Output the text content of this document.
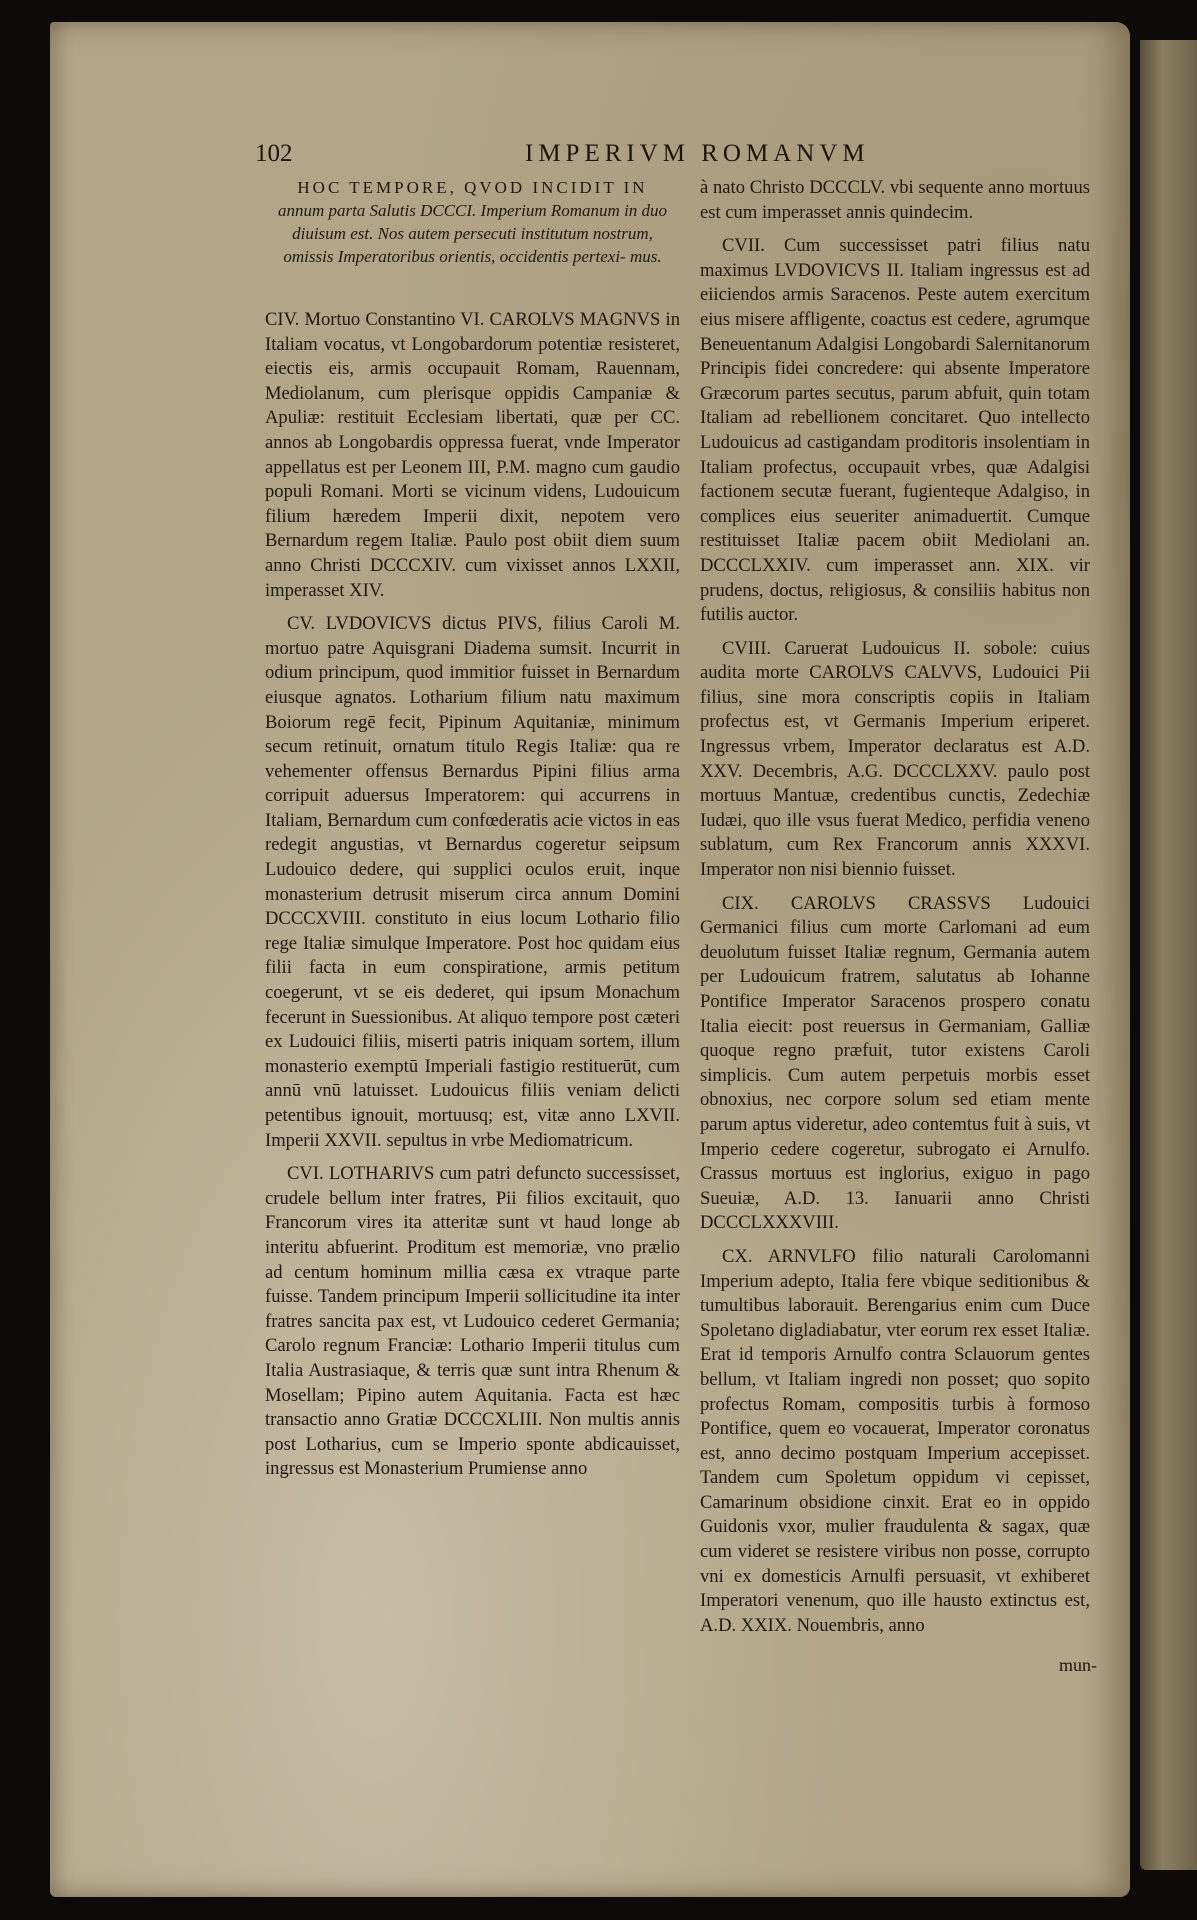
102	IMPERIVM ROMANVM
HOC TEMPORE, QVOD INCIDIT IN
annum parta Salutis DCCCI. Imperium Romanum in duo diuisum est. Nos autem persecuti institutum nostrum, omissis Imperatoribus orientis, occidentis pertexi- mus.

CIV. Mortuo Constantino VI. CAROLVS MAGNVS in Italiam vocatus, vt Longobardorum potentiæ resisteret, eiectis eis, armis occupauit Romam, Rauennam, Mediolanum, cum plerisque oppidis Campaniæ & Apuliæ: restituit Ecclesiam libertati, quæ per CC. annos ab Longobardis oppressa fuerat, vnde Imperator appellatus est per Leonem III, P.M. magno cum gaudio populi Romani. Morti se vicinum videns, Ludouicum filium hæredem Imperii dixit, nepotem vero Bernardum regem Italiæ. Paulo post obiit diem suum anno Christi DCCCXIV. cum vixisset annos LXXII, imperasset XIV.

CV. LVDOVICVS dictus PIVS, filius Caroli M. mortuo patre Aquisgrani Diadema sumsit. Incurrit in odium principum, quod immitior fuisset in Bernardum eiusque agnatos. Lotharium filium natu maximum Boiorum regē fecit, Pipinum Aquitaniæ, minimum secum retinuit, ornatum titulo Regis Italiæ: qua re vehementer offensus Bernardus Pipini filius arma corripuit aduersus Imperatorem: qui accurrens in Italiam, Bernardum cum confœderatis acie victos in eas redegit angustias, vt Bernardus cogeretur seipsum Ludouico dedere, qui supplici oculos eruit, inque monasterium detrusit miserum circa annum Domini DCCCXVIII. constituto in eius locum Lothario filio rege Italiæ simulque Imperatore. Post hoc quidam eius filii facta in eum conspiratione, armis petitum coegerunt, vt se eis dederet, qui ipsum Monachum fecerunt in Suessionibus. At aliquo tempore post cæteri ex Ludouici filiis, miserti patris iniquam sortem, illum monasterio exemptū Imperiali fastigio restituerūt, cum annū vnū latuisset. Ludouicus filiis veniam delicti petentibus ignouit, mortuusq; est, vitæ anno LXVII. Imperii XXVII. sepultus in vrbe Mediomatricum.

CVI. LOTHARIVS cum patri defuncto successisset, crudele bellum inter fratres, Pii filios excitauit, quo Francorum vires ita atteritæ sunt vt haud longe ab interitu abfuerint. Proditum est memoriæ, vno prælio ad centum hominum millia cæsa ex vtraque parte fuisse. Tandem principum Imperii sollicitudine ita inter fratres sancita pax est, vt Ludouico cederet Germania; Carolo regnum Franciæ: Lothario Imperii titulus cum Italia Austrasiaque, & terris quæ sunt intra Rhenum & Mosellam; Pipino autem Aquitania. Facta est hæc transactio anno Gratiæ DCCCXLIII. Non multis annis post Lotharius, cum se Imperio sponte abdicauisset, ingressus est Monasterium Prumiense anno

à nato Christo DCCCLV. vbi sequente anno mortuus est cum imperasset annis quindecim.

CVII. Cum successisset patri filius natu maximus LVDOVICVS II. Italiam ingressus est ad eiiciendos armis Saracenos. Peste autem exercitum eius misere affligente, coactus est cedere, agrumque Beneuentanum Adalgisi Longobardi Salernitanorum Principis fidei concredere: qui absente Imperatore Græcorum partes secutus, parum abfuit, quin totam Italiam ad rebellionem concitaret. Quo intellecto Ludouicus ad castigandam proditoris insolentiam in Italiam profectus, occupauit vrbes, quæ Adalgisi factionem secutæ fuerant, fugienteque Adalgiso, in complices eius seueriter animaduertit. Cumque restituisset Italiæ pacem obiit Mediolani an. DCCCLXXIV. cum imperasset ann. XIX. vir prudens, doctus, religiosus, & consiliis habitus non futilis auctor.

CVIII. Caruerat Ludouicus II. sobole: cuius audita morte CAROLVS CALVVS, Ludouici Pii filius, sine mora conscriptis copiis in Italiam profectus est, vt Germanis Imperium eriperet. Ingressus vrbem, Imperator declaratus est A.D. XXV. Decembris, A.G. DCCCLXXV. paulo post mortuus Mantuæ, credentibus cunctis, Zedechiæ Iudæi, quo ille vsus fuerat Medico, perfidia veneno sublatum, cum Rex Francorum annis XXXVI. Imperator non nisi biennio fuisset.

CIX. CAROLVS CRASSVS Ludouici Germanici filius cum morte Carlomani ad eum deuolutum fuisset Italiæ regnum, Germania autem per Ludouicum fratrem, salutatus ab Iohanne Pontifice Imperator Saracenos prospero conatu Italia eiecit: post reuersus in Germaniam, Galliæ quoque regno præfuit, tutor existens Caroli simplicis. Cum autem perpetuis morbis esset obnoxius, nec corpore solum sed etiam mente parum aptus videretur, adeo contemtus fuit à suis, vt Imperio cedere cogeretur, subrogato ei Arnulfo. Crassus mortuus est inglorius, exiguo in pago Sueuiæ, A.D. 13. Ianuarii anno Christi DCCCLXXXVIII.

CX. ARNVLFO filio naturali Carolomanni Imperium adepto, Italia fere vbique seditionibus & tumultibus laborauit. Berengarius enim cum Duce Spoletano digladiabatur, vter eorum rex esset Italiæ. Erat id temporis Arnulfo contra Sclauorum gentes bellum, vt Italiam ingredi non posset; quo sopito profectus Romam, compositis turbis à formoso Pontifice, quem eo vocauerat, Imperator coronatus est, anno decimo postquam Imperium accepisset. Tandem cum Spoletum oppidum vi cepisset, Camarinum obsidione cinxit. Erat eo in oppido Guidonis vxor, mulier fraudulenta & sagax, quæ cum videret se resistere viribus non posse, corrupto vni ex domesticis Arnulfi persuasit, vt exhiberet Imperatori venenum, quo ille hausto extinctus est, A.D. XXIX. Nouembris, anno

mun-
